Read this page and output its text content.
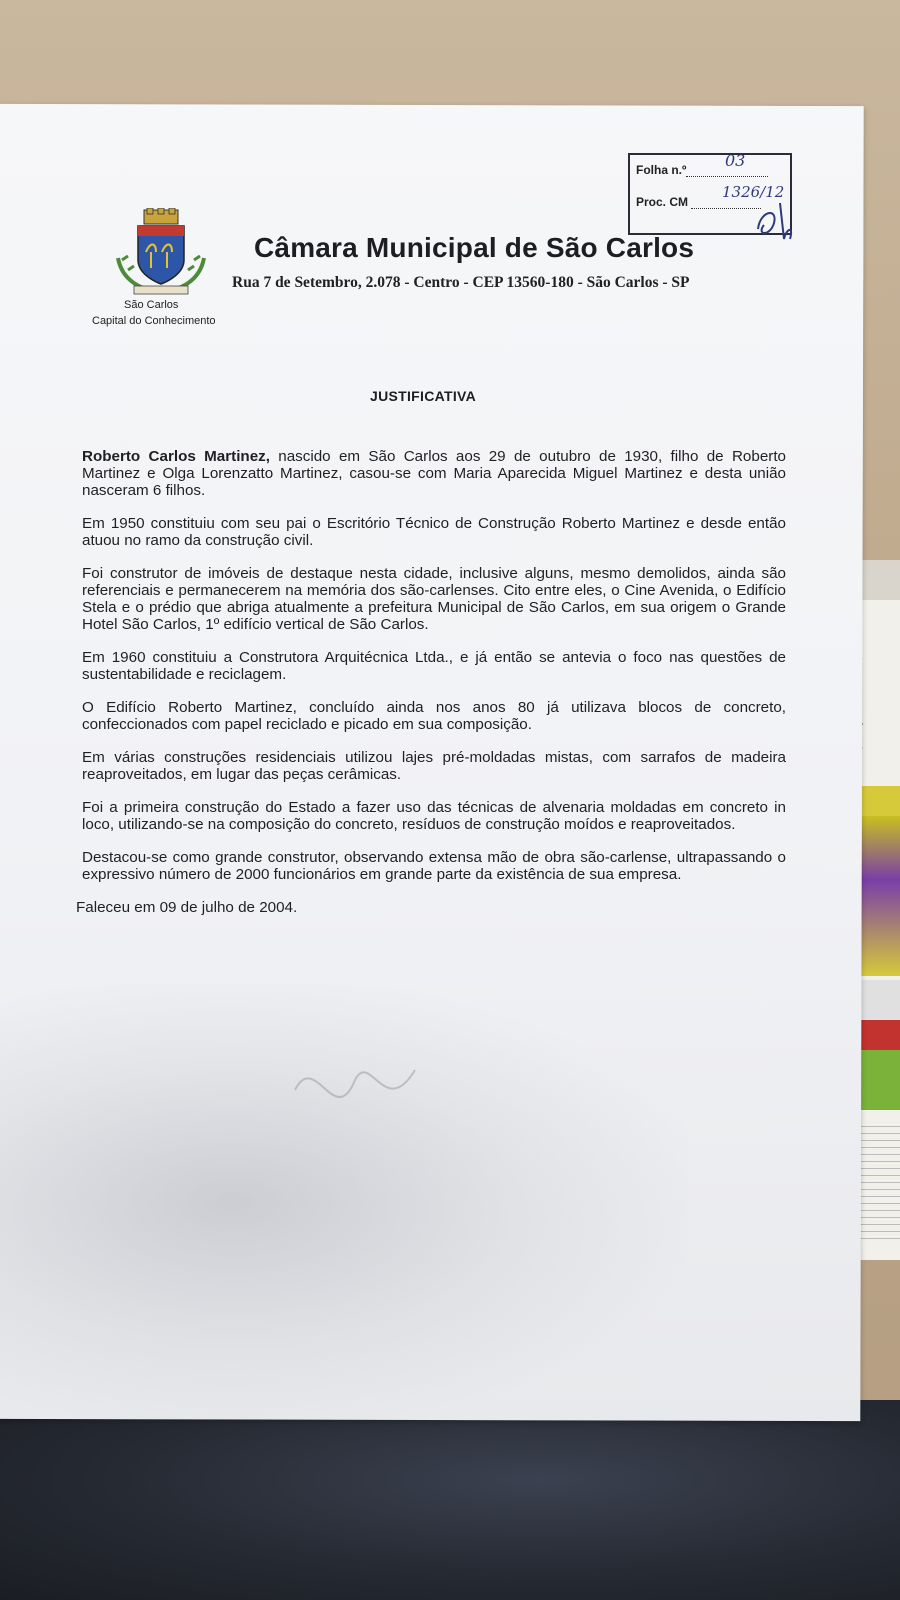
Folha n.º	03
Proc. CM
1326/12
São Carlos
Capital do Conhecimento
Câmara Municipal de São Carlos
Rua 7 de Setembro, 2.078 - Centro - CEP 13560-180 - São Carlos - SP
JUSTIFICATIVA

Roberto Carlos Martinez, nascido em São Carlos aos 29 de outubro de 1930, filho de Roberto Martinez e Olga Lorenzatto Martinez, casou-se com Maria Aparecida Miguel Martinez e desta união nasceram 6 filhos.

Em 1950 constituiu com seu pai o Escritório Técnico de Construção Roberto Martinez e desde então atuou no ramo da construção civil.

Foi construtor de imóveis de destaque nesta cidade, inclusive alguns, mesmo demolidos, ainda são referenciais e permanecerem na memória dos são-carlenses. Cito entre eles, o Cine Avenida, o Edifício Stela e o prédio que abriga atualmente a prefeitura Municipal de São Carlos, em sua origem o Grande Hotel São Carlos, 1º edifício vertical de São Carlos.

Em 1960 constituiu a Construtora Arquitécnica Ltda., e já então se antevia o foco nas questões de sustentabilidade e reciclagem.

O Edifício Roberto Martinez, concluído ainda nos anos 80 já utilizava blocos de concreto, confeccionados com papel reciclado e picado em sua composição.

Em várias construções residenciais utilizou lajes pré-moldadas mistas, com sarrafos de madeira reaproveitados, em lugar das peças cerâmicas.

Foi a primeira construção do Estado a fazer uso das técnicas de alvenaria moldadas em concreto in loco, utilizando-se na composição do concreto, resíduos de construção moídos e reaproveitados.

Destacou-se como grande construtor, observando extensa mão de obra são-carlense, ultrapassando o expressivo número de 2000 funcionários em grande parte da existência de sua empresa.

Faleceu em 09 de julho de 2004.
